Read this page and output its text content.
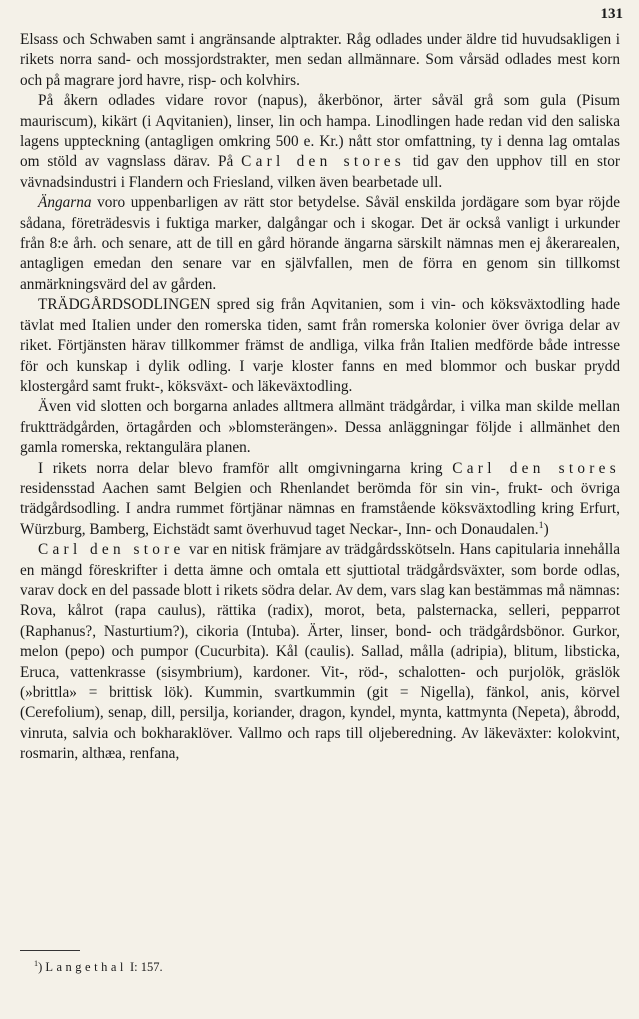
131

Elsass och Schwaben samt i angränsande alptrakter. Råg odlades under äldre tid huvudsakligen i rikets norra sand- och mossjordstrakter, men sedan allmännare. Som vårsäd odlades mest korn och på magrare jord havre, risp- och kolvhirs.

På åkern odlades vidare rovor (napus), åkerbönor, ärter såväl grå som gula (Pisum mauriscum), kikärt (i Aqvitanien), linser, lin och hampa. Linodlingen hade redan vid den saliska lagens uppteckning (antagligen omkring 500 e. Kr.) nått stor omfattning, ty i denna lag omtalas om stöld av vagnslass därav. På Carl den stores tid gav den upphov till en stor vävnadsindustri i Flandern och Friesland, vilken även bearbetade ull.

Ängarna voro uppenbarligen av rätt stor betydelse. Såväl enskilda jordägare som byar röjde sådana, företrädesvis i fuktiga marker, dalgångar och i skogar. Det är också vanligt i urkunder från 8:e årh. och senare, att de till en gård hörande ängarna särskilt nämnas men ej åkerarealen, antagligen emedan den senare var en självfallen, men de förra en genom sin tillkomst anmärkningsvärd del av gården.

TRÄDGÅRDSODLINGEN spred sig från Aqvitanien, som i vin- och köksväxtodling hade tävlat med Italien under den romerska tiden, samt från romerska kolonier över övriga delar av riket. Förtjänsten härav tillkommer främst de andliga, vilka från Italien medförde både intresse för och kunskap i dylik odling. I varje kloster fanns en med blommor och buskar prydd klostergård samt frukt-, köksväxt- och läkeväxtodling.

Även vid slotten och borgarna anlades alltmera allmänt trädgårdar, i vilka man skilde mellan fruktträdgården, örtagården och »blomsterängen». Dessa anläggningar följde i allmänhet den gamla romerska, rektangulära planen.

I rikets norra delar blevo framför allt omgivningarna kring Carl den stores residensstad Aachen samt Belgien och Rhenlandet berömda för sin vin-, frukt- och övriga trädgårdsodling. I andra rummet förtjänar nämnas en framstående köksväxtodling kring Erfurt, Würzburg, Bamberg, Eichstädt samt överhuvud taget Neckar-, Inn- och Donaudalen.$^1$)

Carl den store var en nitisk främjare av trädgårdsskötseln. Hans capitularia innehålla en mängd föreskrifter i detta ämne och omtala ett sjuttiotal trädgårdsväxter, som borde odlas, varav dock en del passade blott i rikets södra delar. Av dem, vars slag kan bestämmas må nämnas: Rova, kålrot (rapa caulus), rättika (radix), morot, beta, palsternacka, selleri, pepparrot (Raphanus?, Nasturtium?), cikoria (Intuba). Ärter, linser, bond- och trädgårdsbönor. Gurkor, melon (pepo) och pumpor (Cucurbita). Kål (caulis). Sallad, målla (adripia), blitum, libsticka, Eruca, vattenkrasse (sisymbrium), kardoner. Vit-, röd-, schalotten- och purjolök, gräslök (»brittla» = brittisk lök). Kummin, svartkummin (git = Nigella), fänkol, anis, körvel (Cerefolium), senap, dill, persilja, koriander, dragon, kyndel, mynta, kattmynta (Nepeta), åbrodd, vinruta, salvia och bokharaklöver. Vallmo och raps till oljeberedning. Av läkeväxter: kolokvint, rosmarin, althæa, renfana,

$^1$) Langethal I: 157.
